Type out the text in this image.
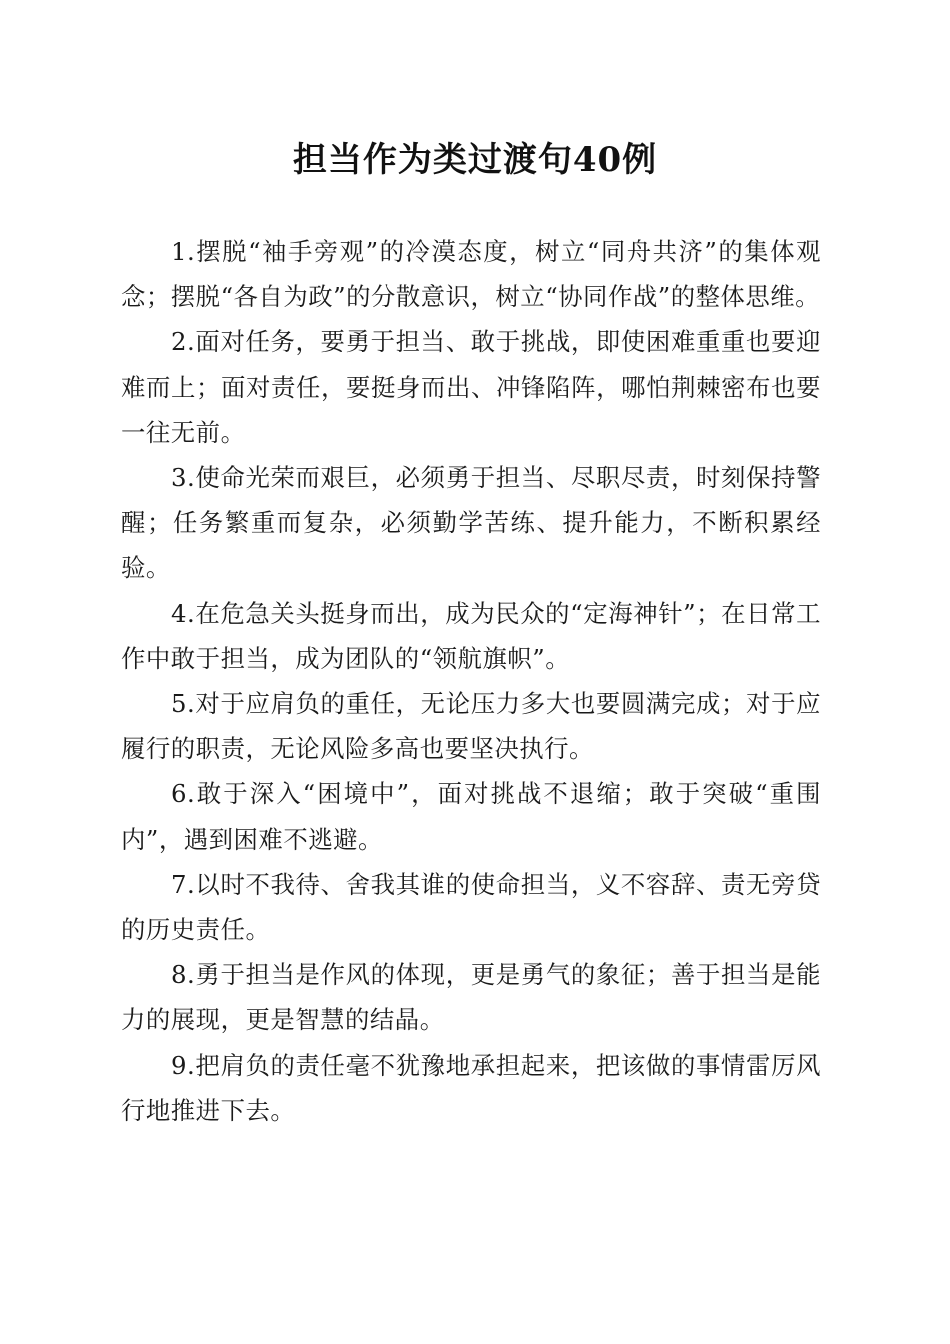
担当作为类过渡句40例

1.摆脱“袖手旁观”的冷漠态度，树立“同舟共济”的集体观念；摆脱“各自为政”的分散意识，树立“协同作战”的整体思维。

2.面对任务，要勇于担当、敢于挑战，即使困难重重也要迎难而上；面对责任，要挺身而出、冲锋陷阵，哪怕荆棘密布也要一往无前。

3.使命光荣而艰巨，必须勇于担当、尽职尽责，时刻保持警醒；任务繁重而复杂，必须勤学苦练、提升能力，不断积累经验。

4.在危急关头挺身而出，成为民众的“定海神针”；在日常工作中敢于担当，成为团队的“领航旗帜”。

5.对于应肩负的重任，无论压力多大也要圆满完成；对于应履行的职责，无论风险多高也要坚决执行。

6.敢于深入“困境中”，面对挑战不退缩；敢于突破“重围内”，遇到困难不逃避。

7.以时不我待、舍我其谁的使命担当，义不容辞、责无旁贷的历史责任。

8.勇于担当是作风的体现，更是勇气的象征；善于担当是能力的展现，更是智慧的结晶。

9.把肩负的责任毫不犹豫地承担起来，把该做的事情雷厉风行地推进下去。
